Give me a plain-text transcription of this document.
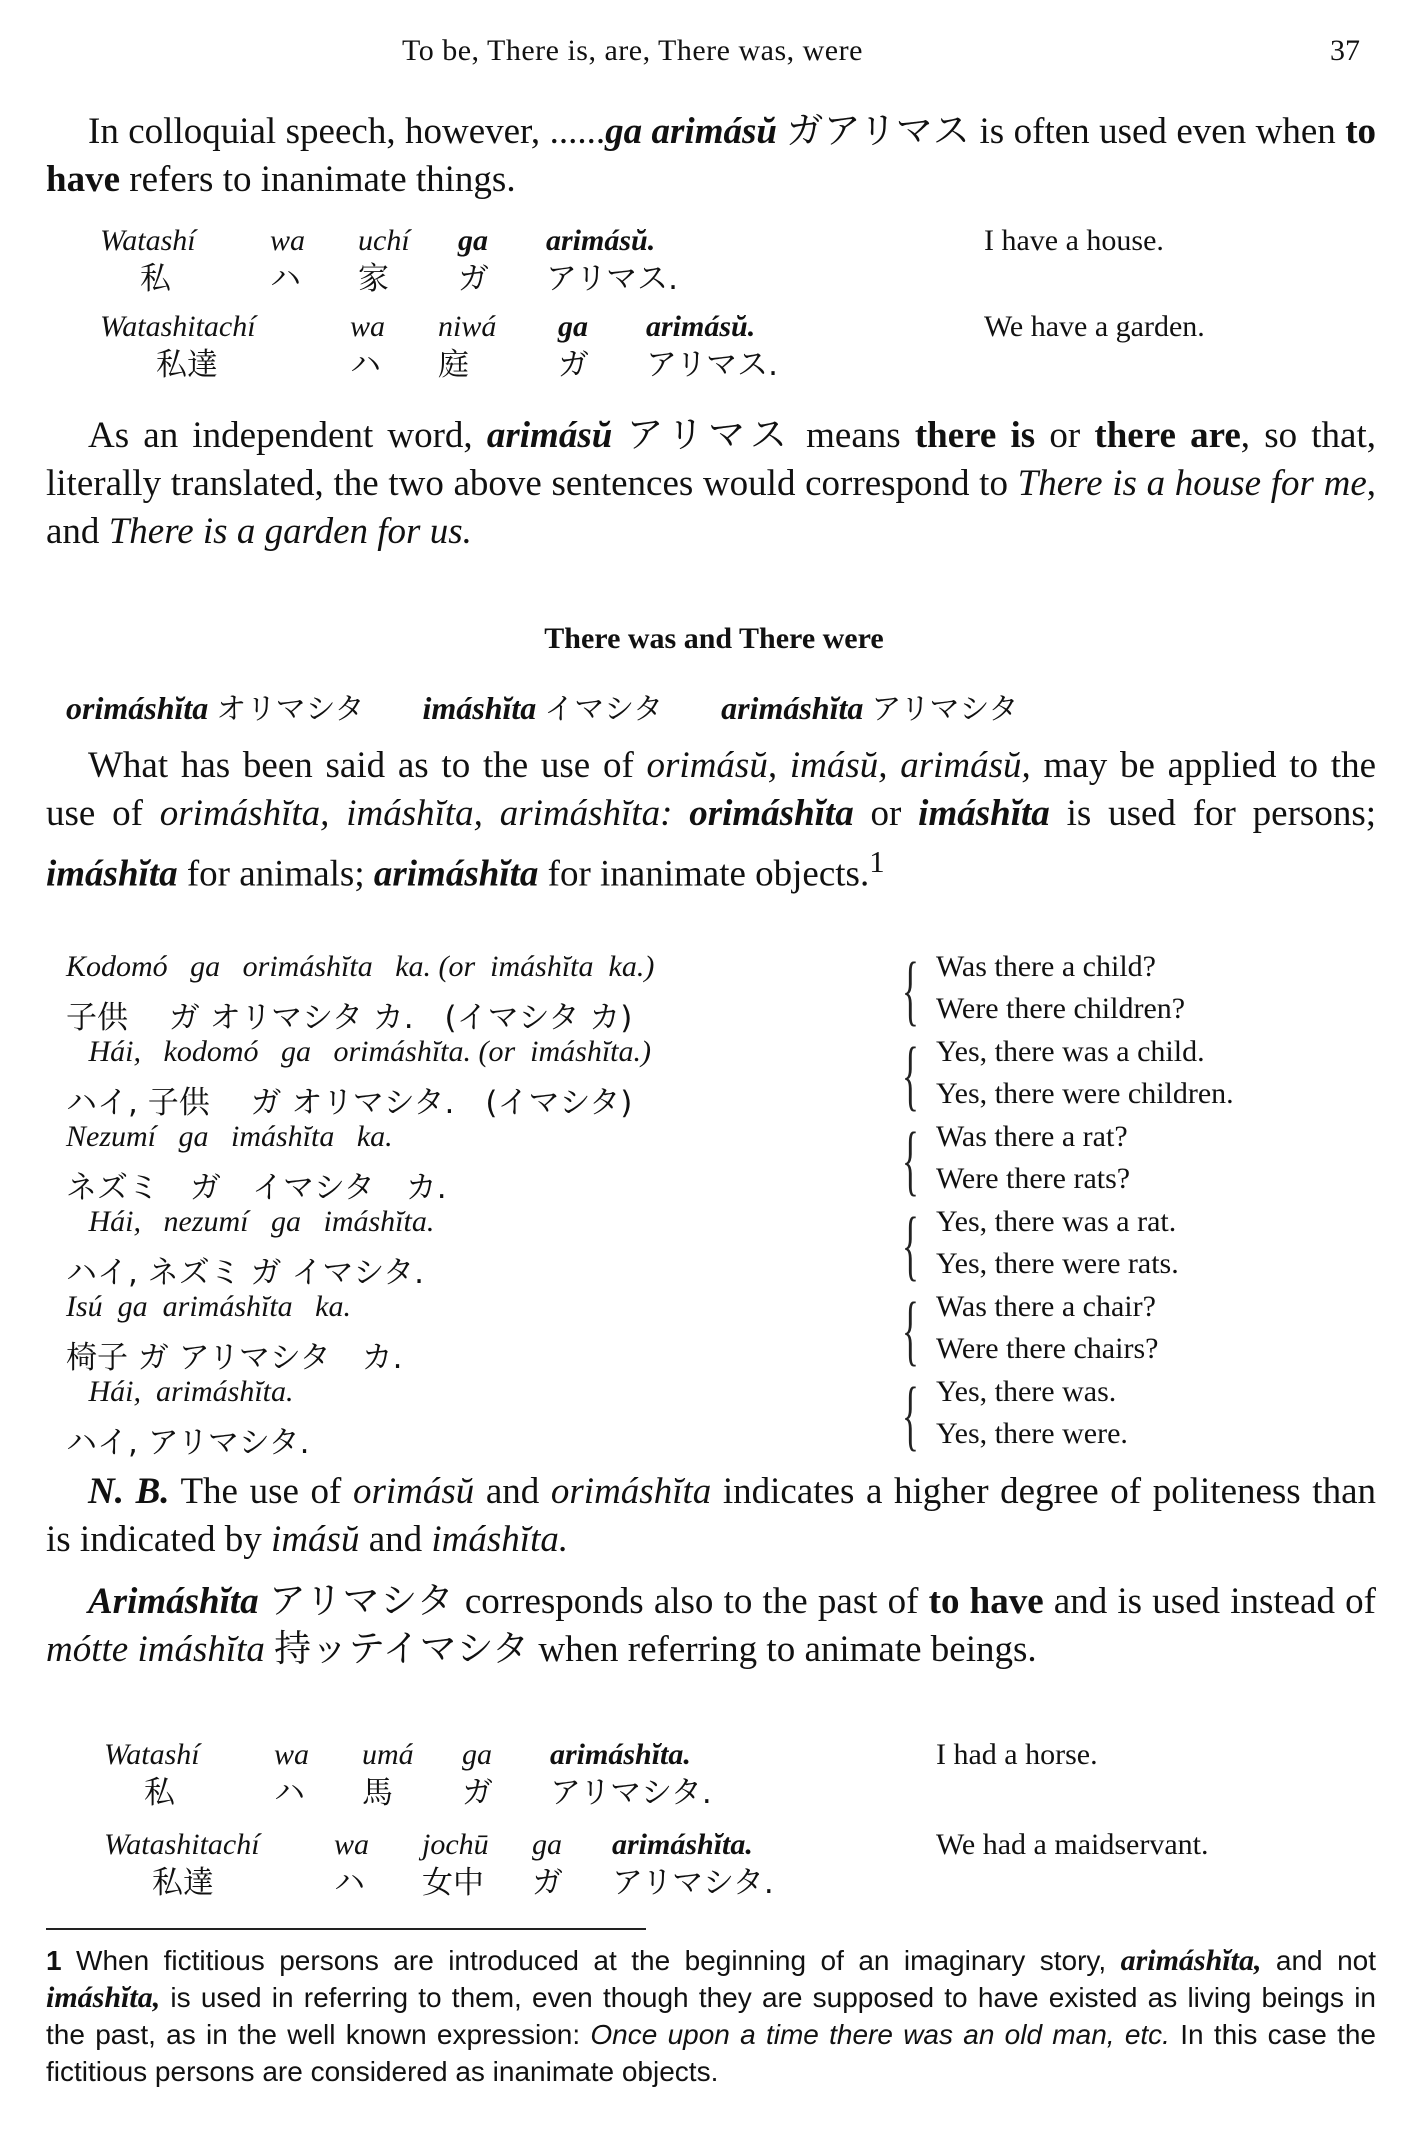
To be, There is, are, There was, were	37

In colloquial speech, however, ......ga arimásŭ ガアリマス is often used even when to have refers to inanimate things.

Watashí wa uchí ga arimásŭ.
私	ハ 家 ガ アリマス.
I have a house.
Watashitachí	wa niwá ga arimásŭ.
私達	ハ 庭	ガ アリマス.
We have a garden.

As an independent word, arimásŭ アリマス means there is or there are, so that, literally translated, the two above sentences would correspond to There is a house for me, and There is a garden for us.

There was and There were
orimáshĭta オリマシタ imáshĭta イマシタ arimáshĭta アリマシタ

What has been said as to the use of orimásŭ, imásŭ, arimásŭ, may be applied to the use of orimáshĭta, imáshĭta, arimáshĭta: orimáshĭta or imáshĭta is used for persons; imáshĭta for animals; arimáshĭta for inanimate objects.$^1$

Kodomó   ga   orimáshĭta   ka. (or  imáshĭta  ka.)
子供　 ガ オリマシタ カ.　(イマシタ カ)	{ Was there a child?
Were there children?
Hái,   kodomó   ga   orimáshĭta. (or  imáshĭta.)
ハイ, 子供　 ガ オリマシタ.　(イマシタ)	{ Yes, there was a child.
Yes, there were children.
Nezumí   ga   imáshĭta   ka.
ネズミ　ガ　イマシタ　カ.	{ Was there a rat?
Were there rats?
Hái,   nezumí   ga   imáshĭta.
ハイ, ネズミ ガ イマシタ.	{ Yes, there was a rat.
Yes, there were rats.
Isú  ga  arimáshĭta   ka.
椅子 ガ アリマシタ　カ.	{ Was there a chair?
Were there chairs?
Hái,  arimáshĭta.
ハイ, アリマシタ.	{ Yes, there was.
Yes, there were.

N. B. The use of orimásŭ and orimáshĭta indicates a higher degree of politeness than is indicated by imásŭ and imáshĭta.

Arimáshĭta アリマシタ corresponds also to the past of to have and is used instead of mótte imáshĭta 持ッテイマシタ when referring to animate beings.

Watashí wa umá ga arimáshĭta.
私	ハ 馬 ガ アリマシタ.
I had a horse.
Watashitachí wa jochū ga arimáshĭta.
私達	ハ 女中 ガ アリマシタ.
We had a maidservant.

1 When fictitious persons are introduced at the beginning of an imaginary story, arimáshĭta, and not imáshĭta, is used in referring to them, even though they are supposed to have existed as living beings in the past, as in the well known expression: Once upon a time there was an old man, etc. In this case the fictitious persons are considered as inanimate objects.
